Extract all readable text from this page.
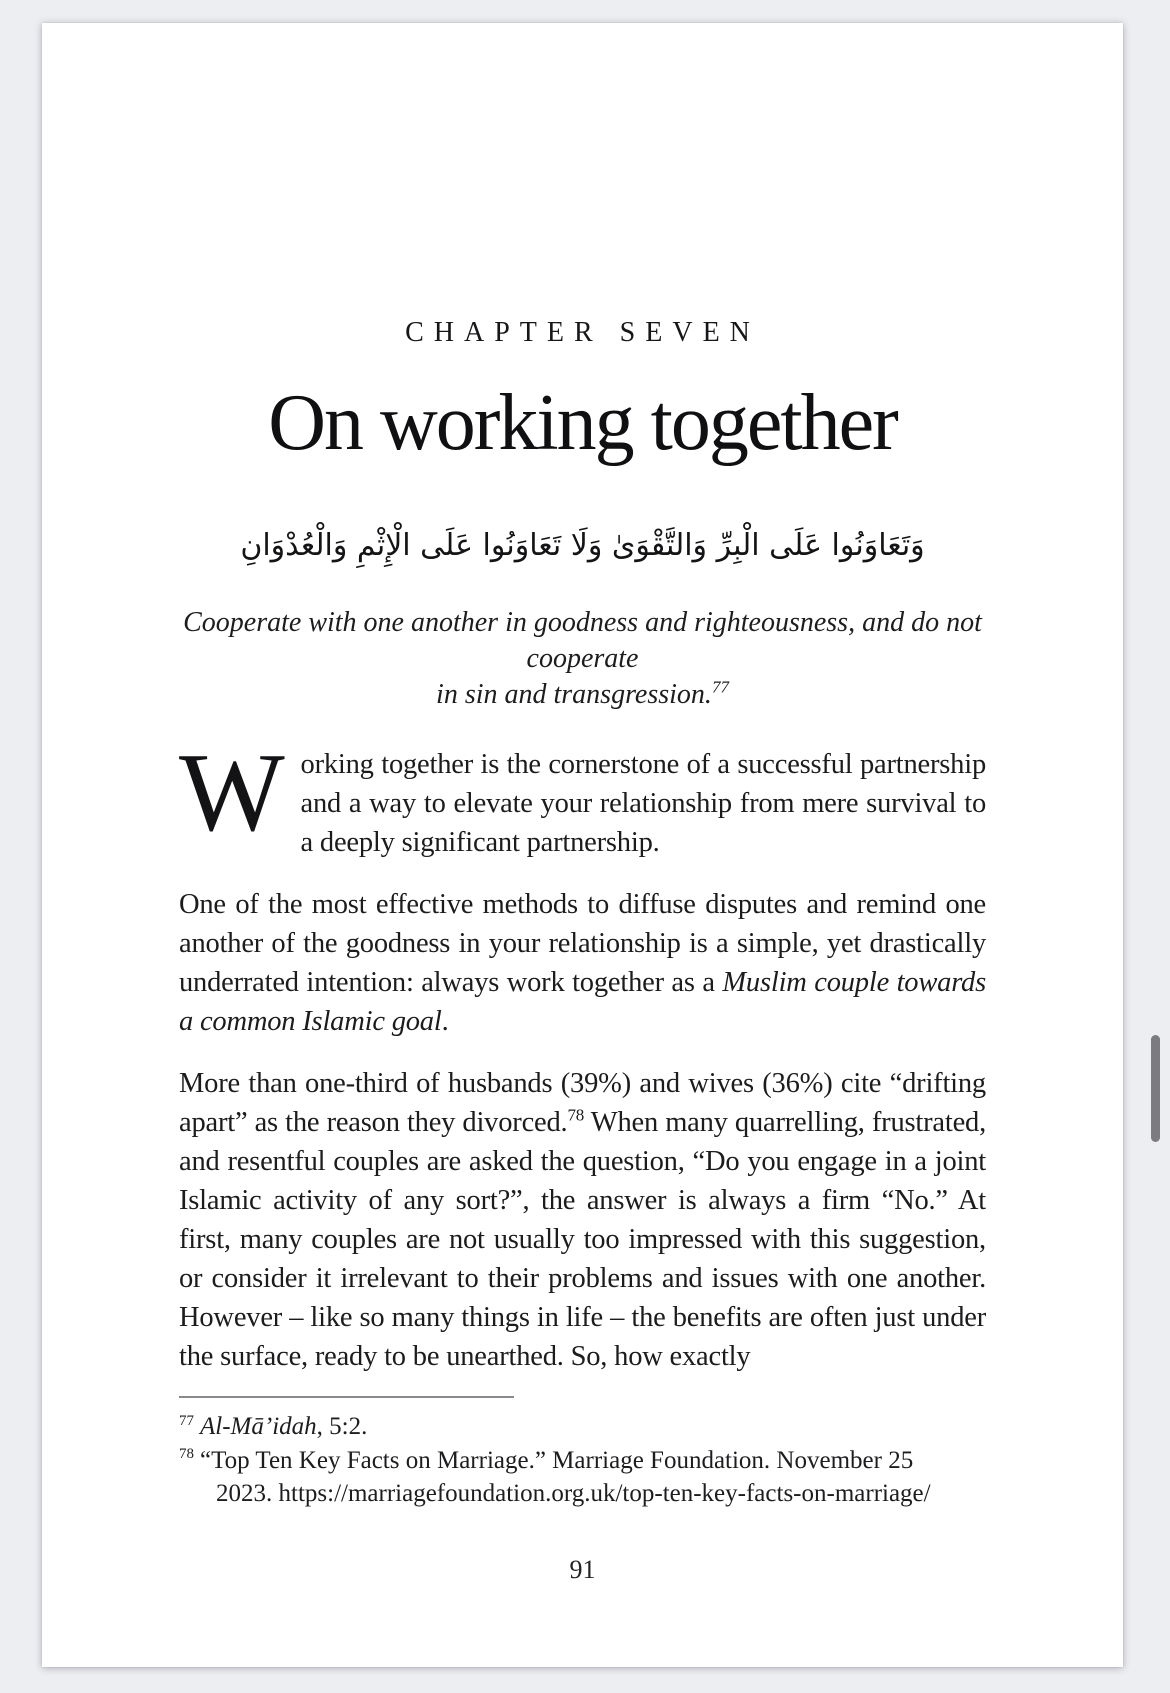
CHAPTER SEVEN
On working together
وَتَعَاوَنُوا عَلَى الْبِرِّ وَالتَّقْوَىٰ وَلَا تَعَاوَنُوا عَلَى الْإِثْمِ وَالْعُدْوَانِ
Cooperate with one another in goodness and righteousness, and do not cooperate
in sin and transgression.$^{77}$

Working together is the cornerstone of a successful partnership and a way to elevate your relationship from mere survival to a deeply significant partnership.

One of the most effective methods to diffuse disputes and remind one another of the goodness in your relationship is a simple, yet drastically underrated intention: always work together as a Muslim couple towards a common Islamic goal.

More than one-third of husbands (39%) and wives (36%) cite “drifting apart” as the reason they divorced.$^{78}$ When many quarrelling, frustrated, and resentful couples are asked the question, “Do you engage in a joint Islamic activity of any sort?”, the answer is always a firm “No.” At first, many couples are not usually too impressed with this suggestion, or consider it irrelevant to their problems and issues with one another. However – like so many things in life – the benefits are often just under the surface, ready to be unearthed. So, how exactly

$^{77}$ Al-Mā’idah, 5:2.
$^{78}$ “Top Ten Key Facts on Marriage.” Marriage Foundation. November 25
2023. https://marriagefoundation.org.uk/top-ten-key-facts-on-marriage/
91
